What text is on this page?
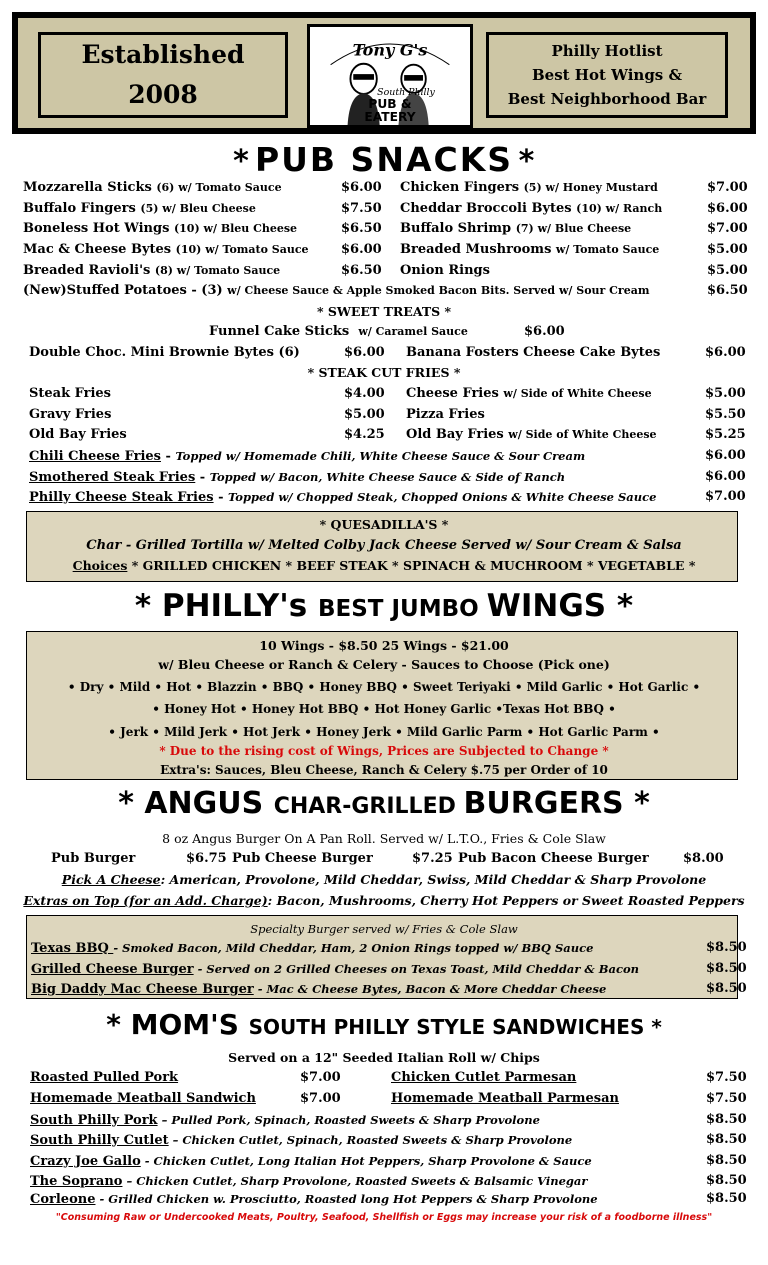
Established
2008
Tony G's
South Philly
PUB &
EATERY
Philly Hotlist
Best Hot Wings &
Best Neighborhood Bar
* PUB SNACKS *
Mozzarella Sticks (6) w/ Tomato Sauce	$6.00
Buffalo Fingers (5) w/ Bleu Cheese	$7.50
Boneless Hot Wings (10) w/ Bleu Cheese	$6.50
Mac & Cheese Bytes (10) w/ Tomato Sauce $6.00
Breaded Ravioli's (8) w/ Tomato Sauce	$6.50
Chicken Fingers (5) w/ Honey Mustard	$7.00
Cheddar Broccoli Bytes (10) w/ Ranch	$6.00
Buffalo Shrimp (7) w/ Blue Cheese	$7.00
Breaded Mushrooms w/ Tomato Sauce	$5.00
Onion Rings	$5.00
(New)Stuffed Potatoes - (3) w/ Cheese Sauce & Apple Smoked Bacon Bits. Served w/ Sour Cream	$6.50
* SWEET TREATS *
Funnel Cake Sticks w/ Caramel Sauce	$6.00
Double Choc. Mini Brownie Bytes (6)	$6.00 Banana Fosters Cheese Cake Bytes	$6.00
* STEAK CUT FRIES *
Steak Fries	$4.00
Gravy Fries	$5.00
Old Bay Fries	$4.25
Cheese Fries w/ Side of White Cheese	$5.00
Pizza Fries	$5.50
Old Bay Fries w/ Side of White Cheese	$5.25
Chili Cheese Fries - Topped w/ Homemade Chili, White Cheese Sauce & Sour Cream	$6.00
Smothered Steak Fries - Topped w/ Bacon, White Cheese Sauce & Side of Ranch	$6.00
Philly Cheese Steak Fries - Topped w/ Chopped Steak, Chopped Onions & White Cheese Sauce	$7.00
* QUESADILLA'S *
Char - Grilled Tortilla w/ Melted Colby Jack Cheese Served w/ Sour Cream & Salsa
Choices * GRILLED CHICKEN * BEEF STEAK * SPINACH & MUCHROOM * VEGETABLE *
* PHILLY's BEST JUMBO WINGS *
10 Wings - $8.50 25 Wings - $21.00
w/ Bleu Cheese or Ranch & Celery - Sauces to Choose (Pick one)
• Dry • Mild • Hot • Blazzin • BBQ • Honey BBQ • Sweet Teriyaki • Mild Garlic • Hot Garlic •
• Honey Hot • Honey Hot BBQ • Hot Honey Garlic •Texas Hot BBQ •
• Jerk • Mild Jerk • Hot Jerk • Honey Jerk • Mild Garlic Parm • Hot Garlic Parm •
* Due to the rising cost of Wings, Prices are Subjected to Change *
Extra's: Sauces, Bleu Cheese, Ranch & Celery $.75 per Order of 10
* ANGUS CHAR-GRILLED BURGERS *
8 oz Angus Burger On A Pan Roll. Served w/ L.T.O., Fries & Cole Slaw
Pub Burger	$6.75 Pub Cheese Burger	$7.25 Pub Bacon Cheese Burger	$8.00
Pick A Cheese: American, Provolone, Mild Cheddar, Swiss, Mild Cheddar & Sharp Provolone
Extras on Top (for an Add. Charge): Bacon, Mushrooms, Cherry Hot Peppers or Sweet Roasted Peppers
Specialty Burger served w/ Fries & Cole Slaw
Texas BBQ - Smoked Bacon, Mild Cheddar, Ham, 2 Onion Rings topped w/ BBQ Sauce	$8.50
Grilled Cheese Burger - Served on 2 Grilled Cheeses on Texas Toast, Mild Cheddar & Bacon	$8.50
Big Daddy Mac Cheese Burger - Mac & Cheese Bytes, Bacon & More Cheddar Cheese	$8.50
* MOM'S SOUTH PHILLY STYLE SANDWICHES *
Served on a 12" Seeded Italian Roll w/ Chips
Roasted Pulled Pork	$7.00	Chicken Cutlet Parmesan	$7.50
Homemade Meatball Sandwich	$7.00	Homemade Meatball Parmesan	$7.50
South Philly Pork – Pulled Pork, Spinach, Roasted Sweets & Sharp Provolone	$8.50
South Philly Cutlet – Chicken Cutlet, Spinach, Roasted Sweets & Sharp Provolone	$8.50
Crazy Joe Gallo - Chicken Cutlet, Long Italian Hot Peppers, Sharp Provolone & Sauce	$8.50
The Soprano – Chicken Cutlet, Sharp Provolone, Roasted Sweets & Balsamic Vinegar	$8.50
Corleone - Grilled Chicken w. Prosciutto, Roasted long Hot Peppers & Sharp Provolone	$8.50
"Consuming Raw or Undercooked Meats, Poultry, Seafood, Shellfish or Eggs may increase your risk of a foodborne illness"
